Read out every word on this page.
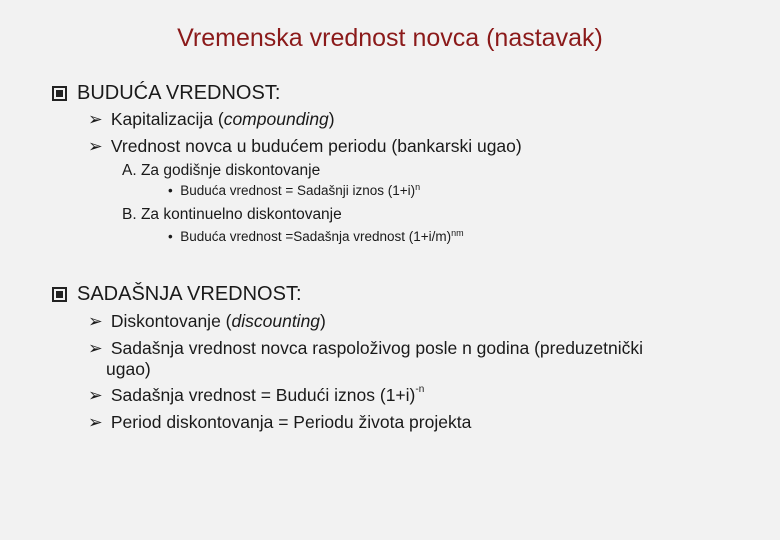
Vremenska vrednost novca (nastavak)
BUDUĆA VREDNOST:
➢ Kapitalizacija (compounding)
➢ Vrednost novca u budućem periodu (bankarski ugao)
A. Za godišnje diskontovanje
• Buduća vrednost = Sadašnji iznos $(1+i)^n$
B. Za kontinuelno diskontovanje
• Buduća vrednost =Sadašnja vrednost $(1+i/m)^{nm}$
SADAŠNJA VREDNOST:
➢ Diskontovanje (discounting)
➢ Sadašnja vrednost novca raspoloživog posle n godina (preduzetnički
ugao)
➢ Sadašnja vrednost = Budući iznos $(1+i)^{-n}$
➢ Period diskontovanja = Periodu života projekta
